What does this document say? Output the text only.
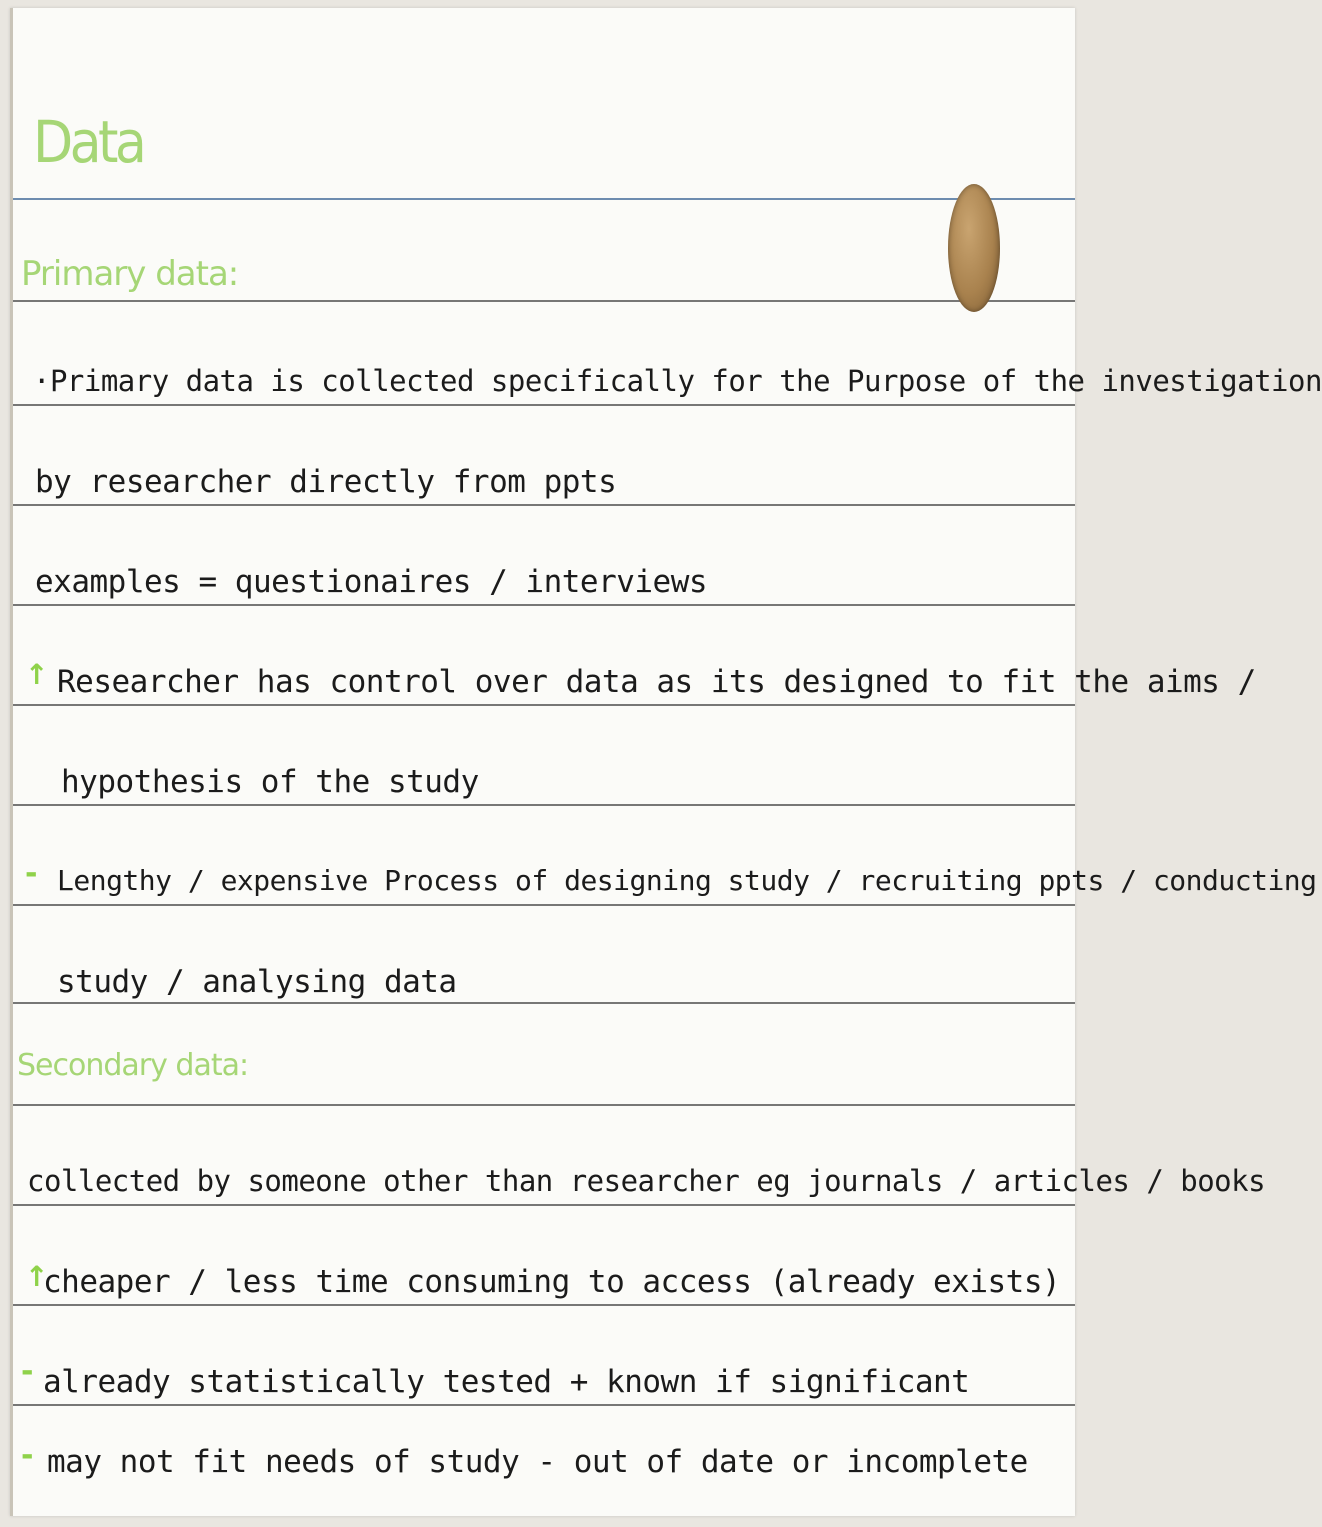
Data
Primary data:
·Primary data is collected specifically for the Purpose of the investigation
by researcher directly from ppts
examples = questionaires / interviews
↑ Researcher has control over data as its designed to fit the aims /
hypothesis of the study
- Lengthy / expensive Process of designing study / recruiting ppts / conducting
study / analysing data
Secondary data:
collected by someone other than researcher eg journals / articles / books
↑
cheaper / less time consuming to access (already exists)
- already statistically tested + known if significant
- may not fit needs of study - out of date or incomplete
